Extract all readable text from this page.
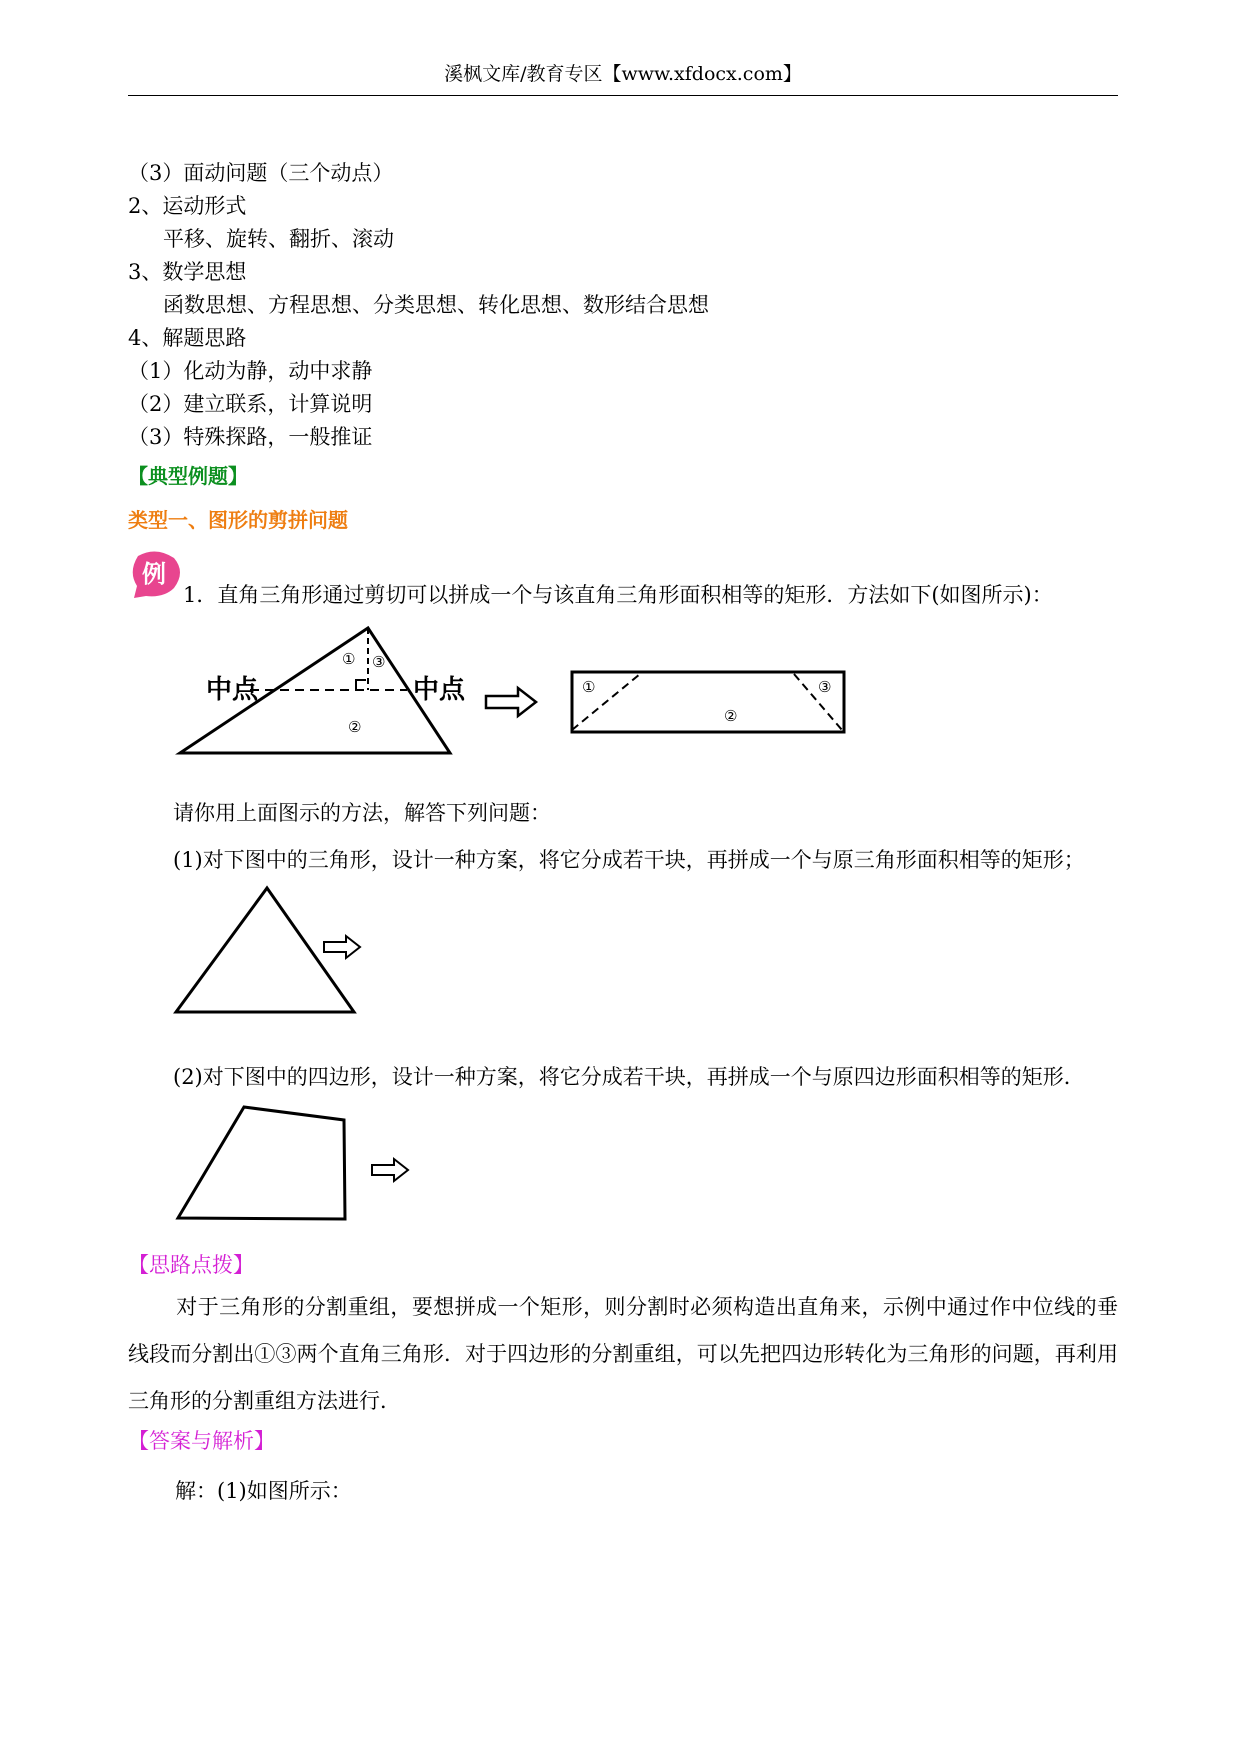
溪枫文库/教育专区【www.xfdocx.com】
（3）面动问题（三个动点）
2、运动形式
平移、旋转、翻折、滚动
3、数学思想
函数思想、方程思想、分类思想、转化思想、数形结合思想
4、解题思路
（1）化动为静，动中求静
（2）建立联系，计算说明
（3）特殊探路，一般推证
【典型例题】
类型一、图形的剪拼问题
例
1．直角三角形通过剪切可以拼成一个与该直角三角形面积相等的矩形．方法如下(如图所示)：
① ③
②
中点	中点	①	③
②
请你用上面图示的方法，解答下列问题：
(1)对下图中的三角形，设计一种方案，将它分成若干块，再拼成一个与原三角形面积相等的矩形；
(2)对下图中的四边形，设计一种方案，将它分成若干块，再拼成一个与原四边形面积相等的矩形．
【思路点拨】

对于三角形的分割重组，要想拼成一个矩形，则分割时必须构造出直角来，示例中通过作中位线的垂线段而分割出①③两个直角三角形．对于四边形的分割重组，可以先把四边形转化为三角形的问题，再利用三角形的分割重组方法进行．

【答案与解析】
解：(1)如图所示：
